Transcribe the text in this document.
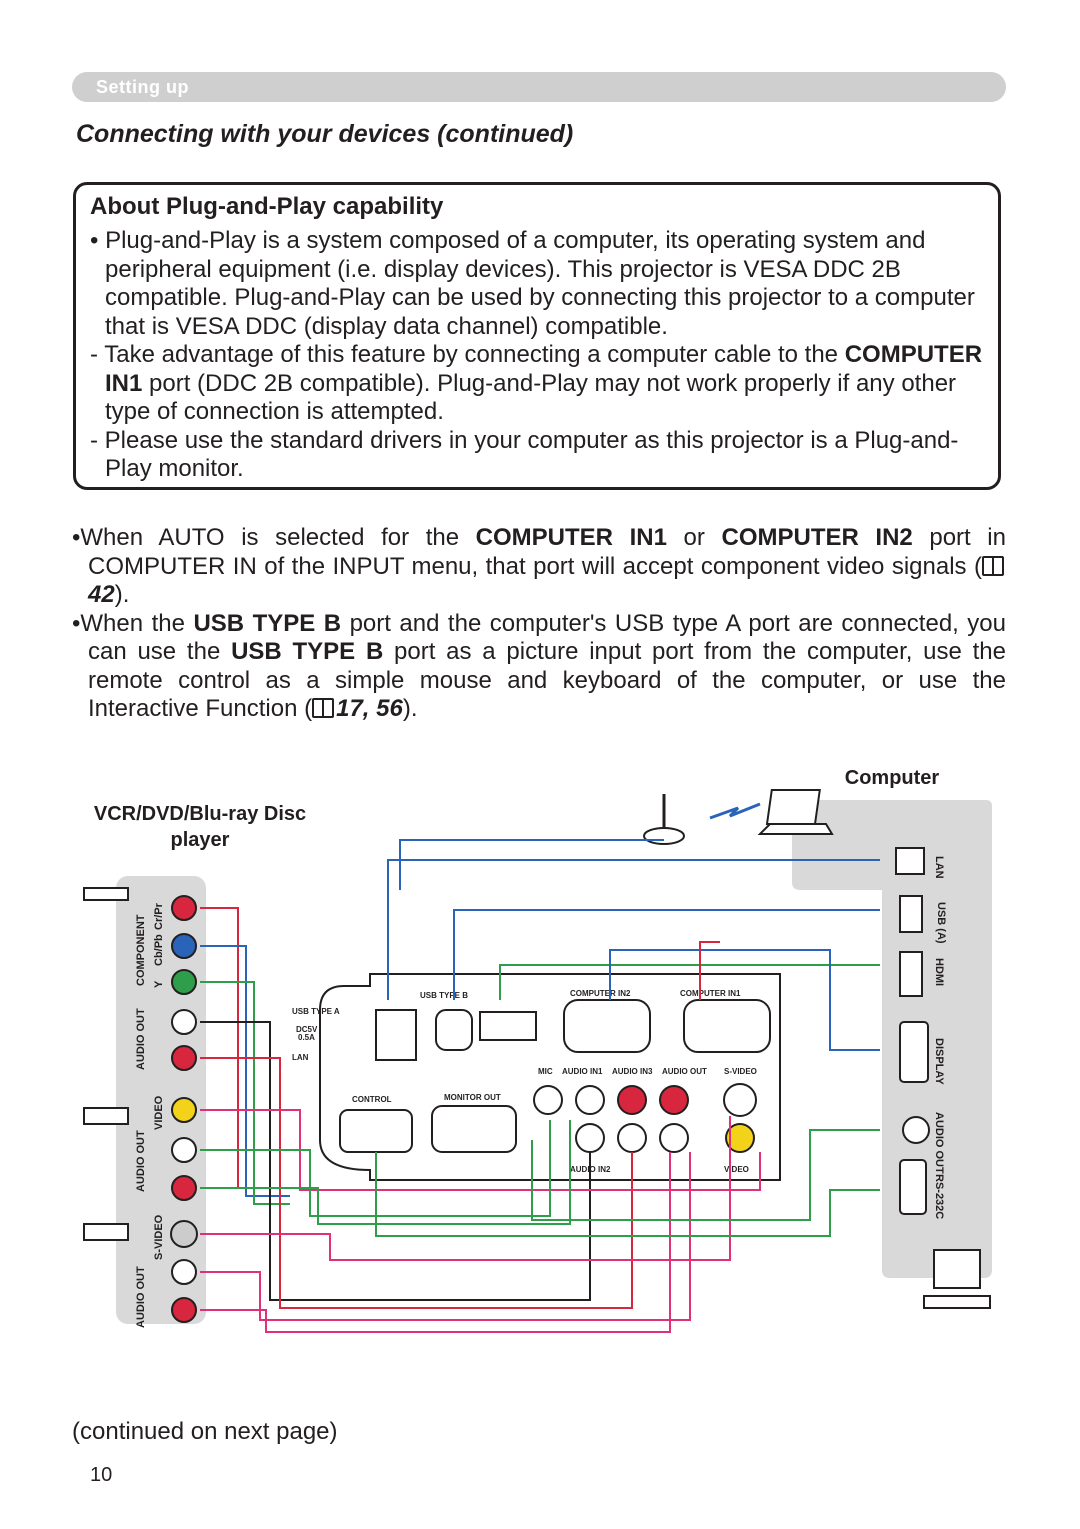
Setting up
Connecting with your devices (continued)
About Plug-and-Play capability

• Plug-and-Play is a system composed of a computer, its operating system and peripheral equipment (i.e. display devices). This projector is VESA DDC 2B compatible. Plug-and-Play can be used by connecting this projector to a computer that is VESA DDC (display data channel) compatible.

- Take advantage of this feature by connecting a computer cable to the COMPUTER IN1 port (DDC 2B compatible). Plug-and-Play may not work properly if any other type of connection is attempted.

- Please use the standard drivers in your computer as this projector is a Plug-and-Play monitor.

•When AUTO is selected for the COMPUTER IN1 or COMPUTER IN2 port in COMPUTER IN of the INPUT menu, that port will accept component video signals (42).

•When the USB TYPE B port and the computer's USB type A port are connected, you can use the USB TYPE B port as a picture input port from the computer, use the remote control as a simple mouse and keyboard of the computer, or use the Interactive Function ( 17, 56).

Computer
VCR/DVD/Blu-ray Disc
player
LAN
USB (A)
HDMI
DISPLAY
AUDIO OUT
RS-232C
COMPONENT Cr/Pr
Cb/Pb
Y
AUDIO OUT
VIDEO
AUDIO OUT
S-VIDEO
AUDIO OUT
USB TYPE B
USB TYPE A
DC5V
0.5A
LAN
CONTROL	MONITOR OUT
COMPUTER IN2	COMPUTER IN1
MIC AUDIO IN1 AUDIO IN3 AUDIO OUT S-VIDEO
AUDIO IN2	VIDEO
(continued on next page)
10
